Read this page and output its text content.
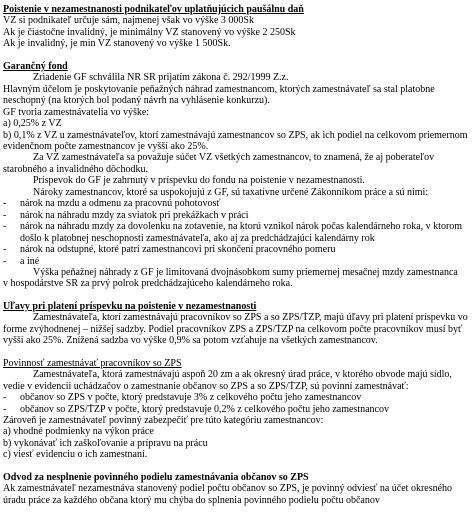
Poistenie v nezamestnanosti podnikateľov uplatňujúcich paušálnu daň
VZ si podnikateľ určuje sám, najmenej však vo výške 3 000Sk
Ak je čiastočne invalidný, je minimálny VZ stanovený vo výške 2 250Sk
Ak je invalidný, je min VZ stanovený vo výške 1 500Sk.
Garančný fond
Zriadenie GF schválila NR SR prijatím zákona č. 292/1999 Z.z.
Hlavným účelom je poskytovanie peňažných náhrad zamestnancom, ktorých zamestnávateľ sa stal platobne
neschopný (na ktorých bol podaný návrh na vyhlásenie konkurzu).
GF tvoria zamestnávatelia vo výške:
a) 0,25% z VZ
b) 0,1% z VZ u zamestnávateľov, ktorí zamestnávajú zamestnancov so ZPS, ak ich podiel na celkovom priemernom
evidenčnom počte zamestnancov je vyšší ako 25%.
Za VZ zamestnávateľa sa považuje súčet VZ všetkých zamestnancov, to znamená, že aj poberateľov
starobného a invalidného dôchodku.
Príspevok do GF je zahrnutý v príspevku do fondu na poistenie v nezamestnanosti.
Nároky zamestnancov, ktoré sa uspokojujú z GF, sú taxatívne určené Zákonníkom práce a sú nimi:
- nárok na mzdu a odmenu za pracovnú pohotovosť
- nárok na náhradu mzdy za sviatok pri prekážkach v práci
- nárok na náhradu mzdy za dovolenku na zotavenie, na ktorú vznikol nárok počas kalendárneho roka, v ktorom
došlo k platobnej neschopnosti zamestnávateľa, ako aj za predchádzajúci kalendárny rok
- nárok na odstupné, ktoré patrí zamestnancovi pri skončení pracovného pomeru
- a iné
Výška peňažnej náhrady z GF je limitovaná dvojnásobkom sumy priemernej mesačnej mzdy zamestnanca
v hospodárstve SR za prvý polrok predchádzajúceho kalendárneho roka.
Úľavy pri platení príspevku na poistenie v nezamestnanosti
Zamestnávateľa, ktorí zamestnávajú pracovníkov so ZPS a so ZPS/ŤZP, majú úľavy pri platení príspevku vo
forme zvýhodnenej – nižšej sadzby. Podiel pracovníkov ZPS a ZPS/ŤZP na celkovom počte pracovníkov musí byť
vyšší ako 25%. Znížená sadzba vo výške 0,9% sa potom vzťahuje na všetkých zamestnancov.
Povinnosť zamestnávať pracovníkov so ZPS
Zamestnávateľa, ktorá zamestnávajú aspoň 20 zm a ak okresný úrad práce, v ktorého obvode majú sídlo,
vedie v evidencii uchádzačov o zamestnanie občanov so ZPS a so ZPS/ŤZP, sú povinní zamestnávať:
- občanov so ZPS v počte, ktorý predstavuje 3% z celkového počtu jeho zamestnancov
- občanov so ZPS/ŤZP v počte, ktorý predstavuje 0,2% z celkového počtu jeho zamestnancov
Zároveň je zamestnávateľ povinný zabezpečiť pre túto kategóriu zamestnancov:
a) vhodné podmienky na výkon práce
b) vykonávať ich zaškoľovanie a prípravu na prácu
c) viesť evidenciu o ich zamestnaní.
Odvod za nesplnenie povinného podielu zamestnávania občanov so ZPS
Ak zamestnávateľ nezamestnáva stanovený podiel počtu občanov so ZPS, je povinný odviesť na účet okresného
úradu práce za každého občana ktorý mu chýba do splnenia povinného podielu počtu občanov
